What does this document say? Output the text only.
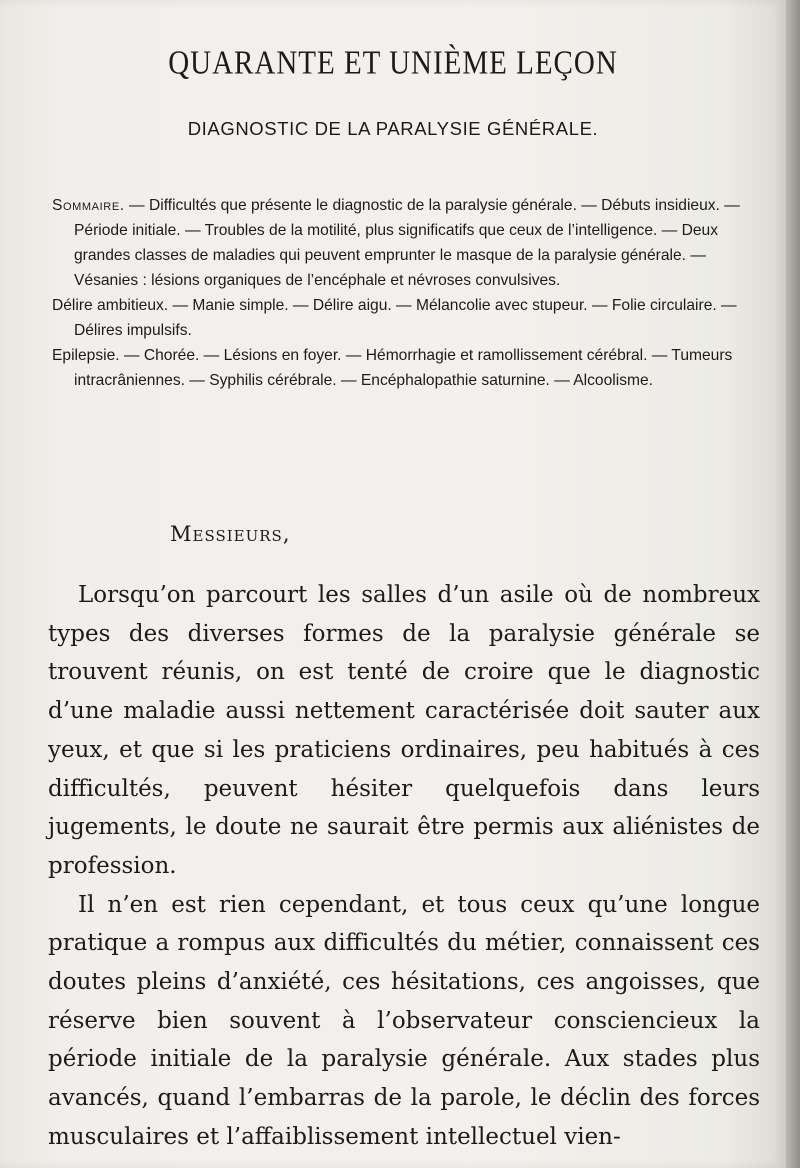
QUARANTE ET UNIÈME LEÇON
DIAGNOSTIC DE LA PARALYSIE GÉNÉRALE.
Sommaire. — Difficultés que présente le diagnostic de la paralysie générale. — Débuts insidieux. — Période initiale. — Troubles de la motilité, plus significatifs que ceux de l’intelligence. — Deux grandes classes de maladies qui peuvent emprunter le masque de la paralysie générale. — Vésanies : lésions organiques de l’encéphale et névroses convulsives.
Délire ambitieux. — Manie simple. — Délire aigu. — Mélancolie avec stupeur. — Folie circulaire. — Délires impulsifs.
Epilepsie. — Chorée. — Lésions en foyer. — Hémorrhagie et ramollissement cérébral. — Tumeurs intracrâniennes. — Syphilis cérébrale. — Encéphalopathie saturnine. — Alcoolisme.
Messieurs,

Lorsqu’on parcourt les salles d’un asile où de nombreux types des diverses formes de la paralysie générale se trouvent réunis, on est tenté de croire que le diagnostic d’une maladie aussi nettement caractérisée doit sauter aux yeux, et que si les praticiens ordinaires, peu habitués à ces difficultés, peuvent hésiter quelquefois dans leurs jugements, le doute ne saurait être permis aux aliénistes de profession.

Il n’en est rien cependant, et tous ceux qu’une longue pratique a rompus aux difficultés du métier, connaissent ces doutes pleins d’anxiété, ces hésitations, ces angoisses, que réserve bien souvent à l’observateur consciencieux la période initiale de la paralysie générale. Aux stades plus avancés, quand l’embarras de la parole, le déclin des forces musculaires et l’affaiblissement intellectuel vien-
